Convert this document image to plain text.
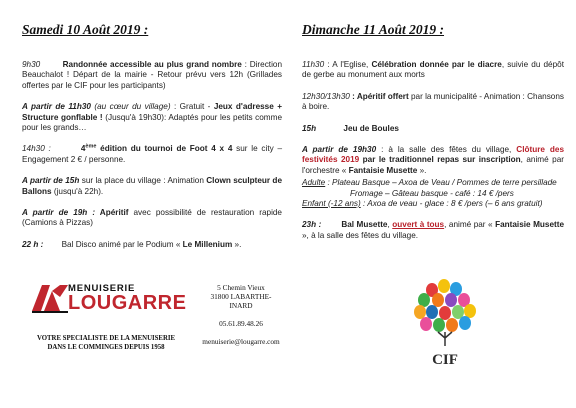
Samedi 10 Août 2019 :
9h30	Randonnée accessible au plus grand nombre : Direction Beauchalot ! Départ de la mairie - Retour prévu vers 12h (Grillades offertes par le CIF pour les participants)
A partir de 11h30 (au cœur du village) : Gratuit - Jeux d'adresse + Structure gonflable ! (Jusqu'à 19h30): Adaptés pour les petits comme pour les grands…
14h30 :	4ème édition du tournoi de Foot 4 x 4 sur le city – Engagement 2 € / personne.
A partir de 15h sur la place du village : Animation Clown sculpteur de Ballons (jusqu'à 22h).
A partir de 19h : Apéritif avec possibilité de restauration rapide (Camions à Pizzas)
22 h : Bal Disco animé par le Podium « Le Millenium ».
Dimanche 11 Août 2019 :
11h30 : A l'Eglise, Célébration donnée par le diacre, suivie du dépôt de gerbe au monument aux morts
12h30/13h30 : Apéritif offert par la municipalité - Animation : Chansons à boire.
15h	Jeu de Boules
A partir de 19h30 : à la salle des fêtes du village, Clôture des festivités 2019 par le traditionnel repas sur inscription, animé par l'orchestre « Fantaisie Musette ».

Adulte : Plateau Basque – Axoa de Veau / Pommes de terre persillade

Fromage – Gâteau basque - café : 14 € /pers

Enfant (-12 ans) : Axoa de veau - glace : 8 € /pers (– 6 ans gratuit)

23h : Bal Musette, ouvert à tous, animé par « Fantaisie Musette », à la salle des fêtes du village.
MENUISERIE
LOUGARRE
VOTRE SPECIALISTE DE LA MENUISERIE
DANS LE COMMINGES DEPUIS 1958
5 Chemin Vieux
31800 LABARTHE-INARD
05.61.89.48.26
menuiserie@lougarre.com
CIF
